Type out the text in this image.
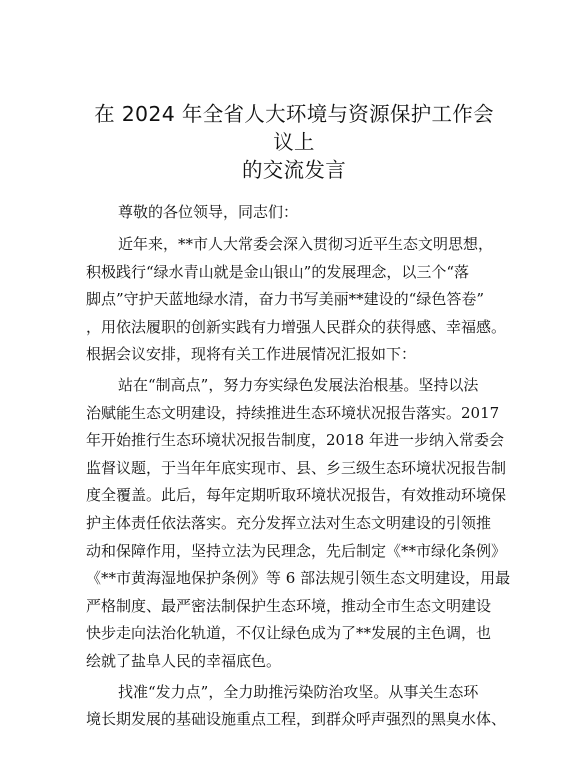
在 2024 年全省人大环境与资源保护工作会议上
的交流发言

尊敬的各位领导，同志们：

近年来，**市人大常委会深入贯彻习近平生态文明思想，
积极践行“绿水青山就是金山银山”的发展理念，以三个“落
脚点”守护天蓝地绿水清，奋力书写美丽**建设的“绿色答卷”
，用依法履职的创新实践有力增强人民群众的获得感、幸福感。
根据会议安排，现将有关工作进展情况汇报如下：

站在“制高点”，努力夯实绿色发展法治根基。坚持以法
治赋能生态文明建设，持续推进生态环境状况报告落实。2017
年开始推行生态环境状况报告制度，2018 年进一步纳入常委会
监督议题，于当年年底实现市、县、乡三级生态环境状况报告制
度全覆盖。此后，每年定期听取环境状况报告，有效推动环境保
护主体责任依法落实。充分发挥立法对生态文明建设的引领推
动和保障作用，坚持立法为民理念，先后制定《**市绿化条例》
《**市黄海湿地保护条例》等 6 部法规引领生态文明建设，用最
严格制度、最严密法制保护生态环境，推动全市生态文明建设
快步走向法治化轨道，不仅让绿色成为了**发展的主色调，也
绘就了盐阜人民的幸福底色。

找准“发力点”，全力助推污染防治攻坚。从事关生态环
境长期发展的基础设施重点工程，到群众呼声强烈的黑臭水体、
